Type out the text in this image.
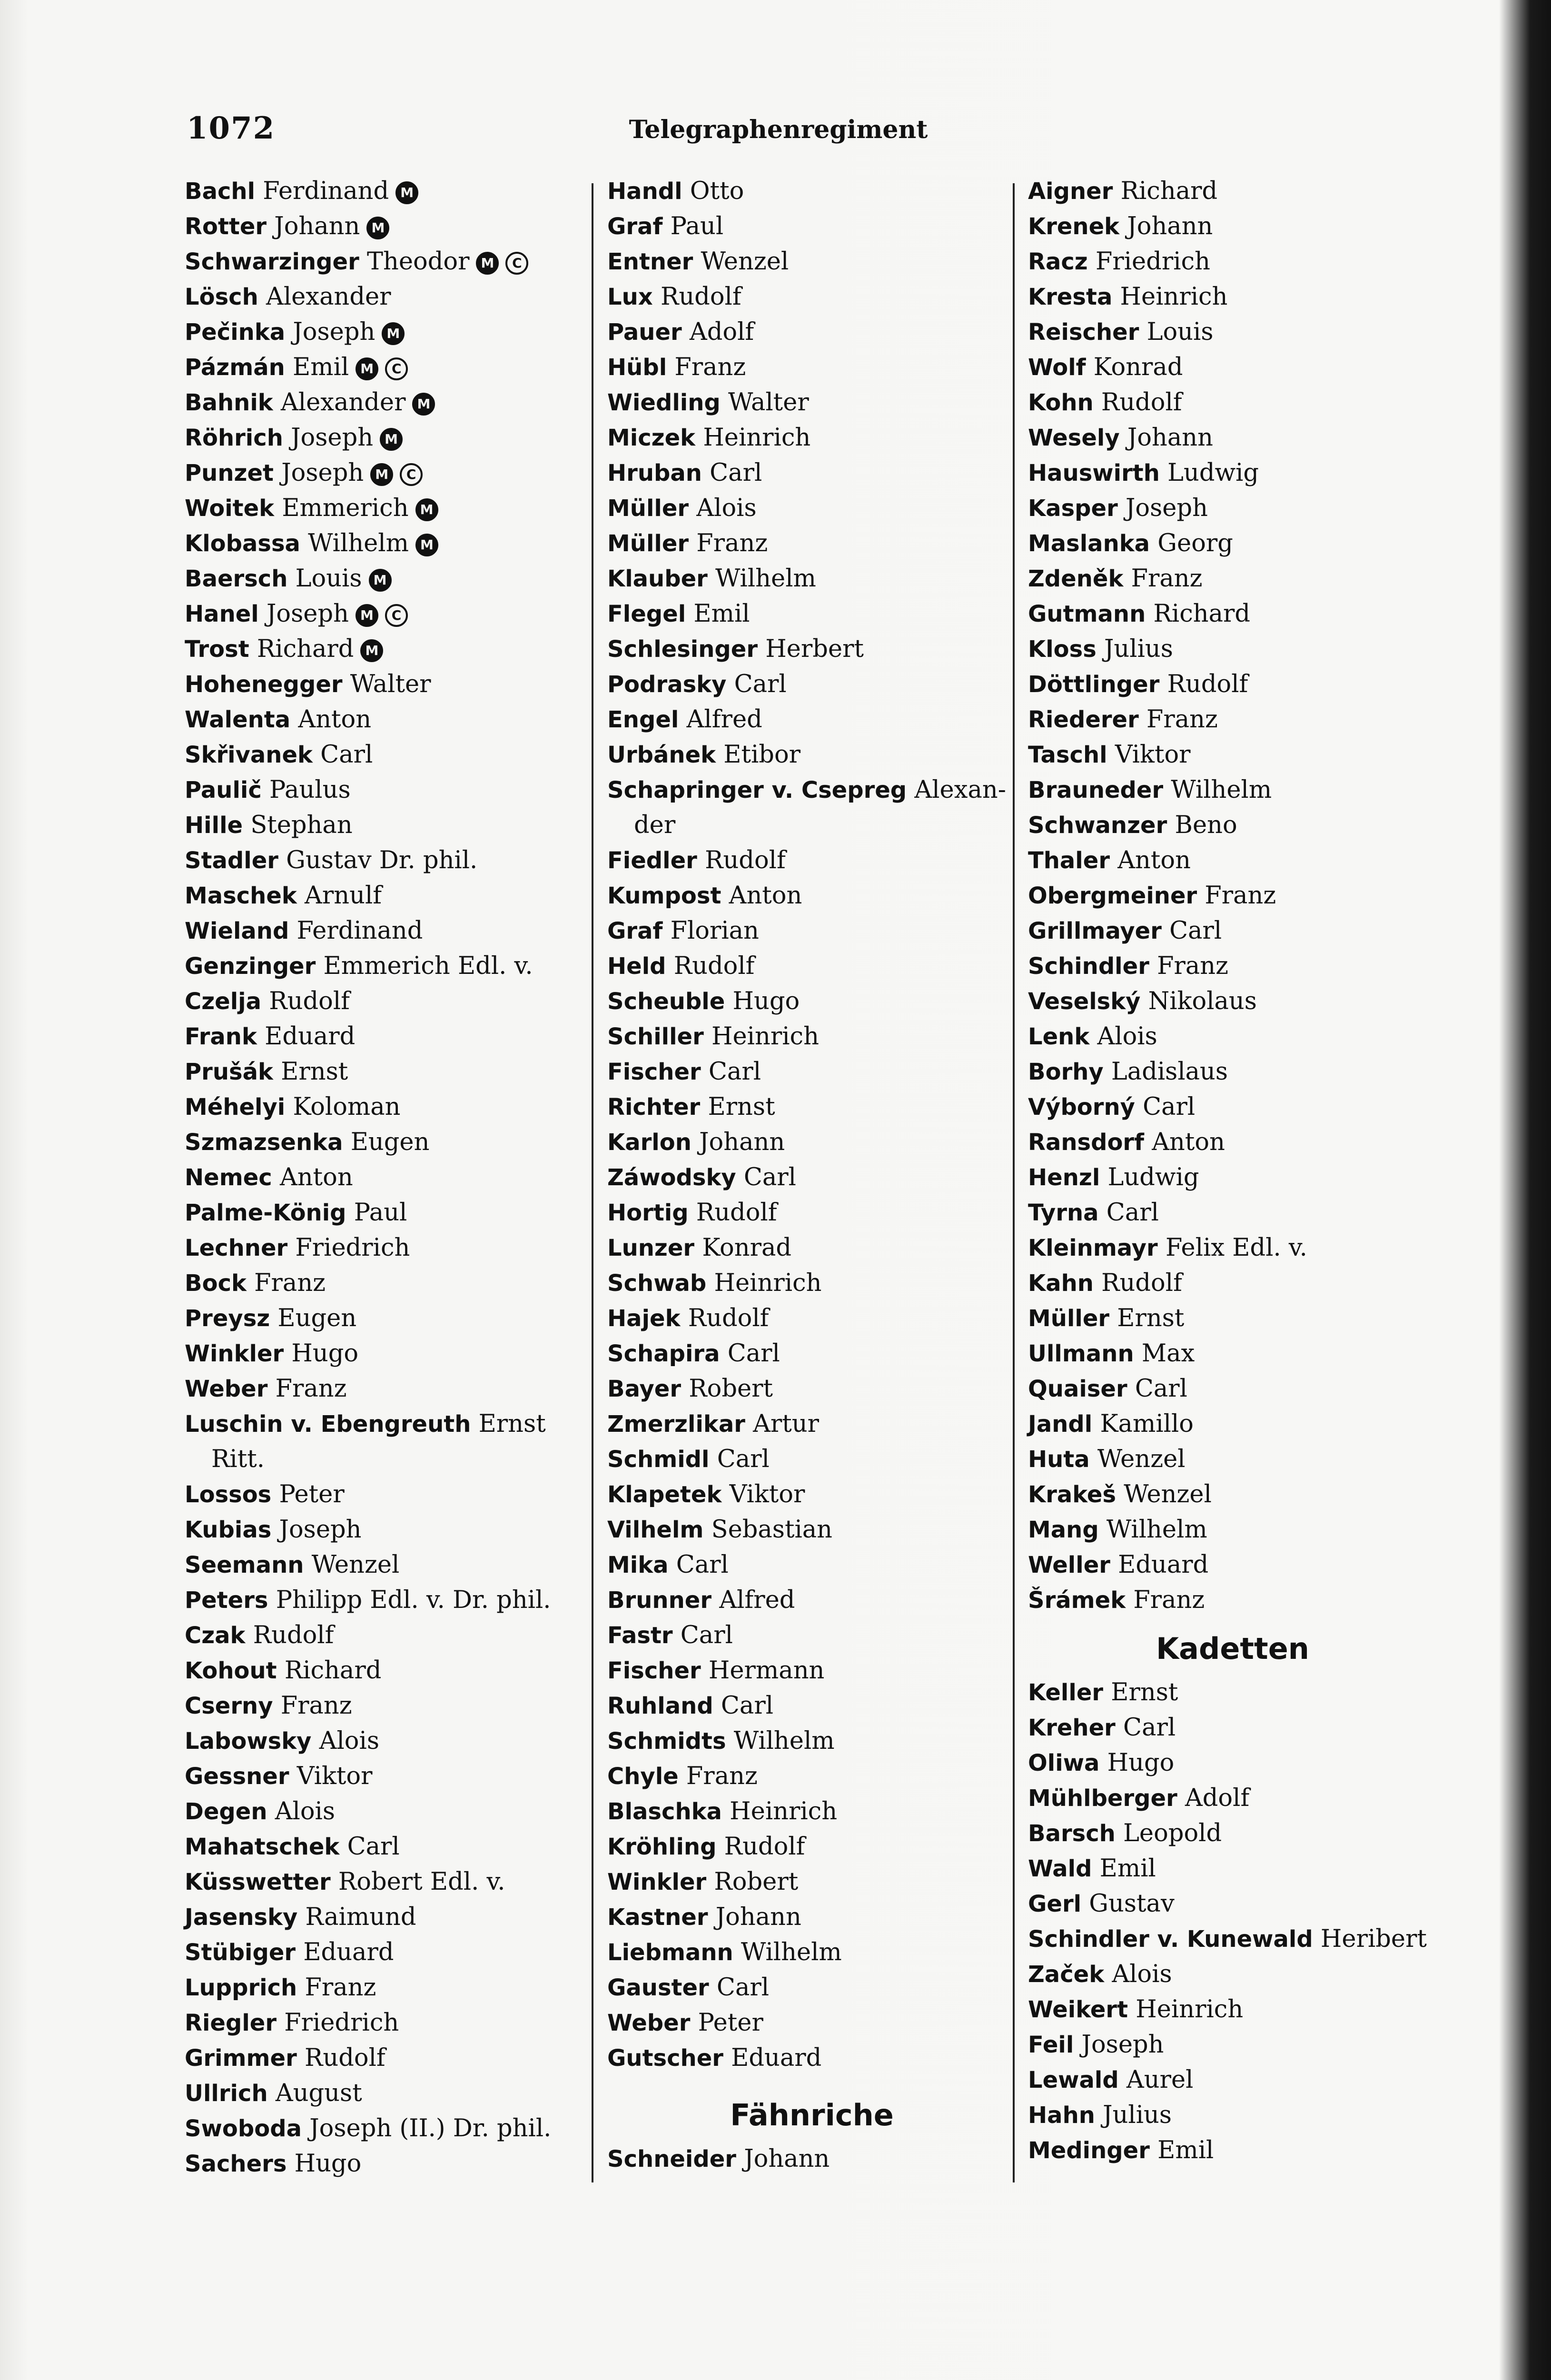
1072	Telegraphenregiment
Bachl Ferdinand M
Rotter Johann M
Schwarzinger Theodor M C
Lösch Alexander
Pečinka Joseph M
Pázmán Emil M C
Bahnik Alexander M
Röhrich Joseph M
Punzet Joseph M C
Woitek Emmerich M
Klobassa Wilhelm M
Baersch Louis M
Hanel Joseph M C
Trost Richard M
Hohenegger Walter
Walenta Anton
Skřivanek Carl
Paulič Paulus
Hille Stephan
Stadler Gustav Dr. phil.
Maschek Arnulf
Wieland Ferdinand
Genzinger Emmerich Edl. v.
Czelja Rudolf
Frank Eduard
Prušák Ernst
Méhelyi Koloman
Szmazsenka Eugen
Nemec Anton
Palme-König Paul
Lechner Friedrich
Bock Franz
Preysz Eugen
Winkler Hugo
Weber Franz
Luschin v. Ebengreuth Ernst
Ritt.
Lossos Peter
Kubias Joseph
Seemann Wenzel
Peters Philipp Edl. v. Dr. phil.
Czak Rudolf
Kohout Richard
Cserny Franz
Labowsky Alois
Gessner Viktor
Degen Alois
Mahatschek Carl
Küsswetter Robert Edl. v.
Jasensky Raimund
Stübiger Eduard
Lupprich Franz
Riegler Friedrich
Grimmer Rudolf
Ullrich August
Swoboda Joseph (II.) Dr. phil.
Sachers Hugo
Handl Otto
Graf Paul
Entner Wenzel
Lux Rudolf
Pauer Adolf
Hübl Franz
Wiedling Walter
Miczek Heinrich
Hruban Carl
Müller Alois
Müller Franz
Klauber Wilhelm
Flegel Emil
Schlesinger Herbert
Podrasky Carl
Engel Alfred
Urbánek Etibor
Schapringer v. Csepreg Alexan-
der
Fiedler Rudolf
Kumpost Anton
Graf Florian
Held Rudolf
Scheuble Hugo
Schiller Heinrich
Fischer Carl
Richter Ernst
Karlon Johann
Záwodsky Carl
Hortig Rudolf
Lunzer Konrad
Schwab Heinrich
Hajek Rudolf
Schapira Carl
Bayer Robert
Zmerzlikar Artur
Schmidl Carl
Klapetek Viktor
Vilhelm Sebastian
Mika Carl
Brunner Alfred
Fastr Carl
Fischer Hermann
Ruhland Carl
Schmidts Wilhelm
Chyle Franz
Blaschka Heinrich
Kröhling Rudolf
Winkler Robert
Kastner Johann
Liebmann Wilhelm
Gauster Carl
Weber Peter
Gutscher Eduard
Fähnriche
Schneider Johann
Aigner Richard
Krenek Johann
Racz Friedrich
Kresta Heinrich
Reischer Louis
Wolf Konrad
Kohn Rudolf
Wesely Johann
Hauswirth Ludwig
Kasper Joseph
Maslanka Georg
Zdeněk Franz
Gutmann Richard
Kloss Julius
Döttlinger Rudolf
Riederer Franz
Taschl Viktor
Brauneder Wilhelm
Schwanzer Beno
Thaler Anton
Obergmeiner Franz
Grillmayer Carl
Schindler Franz
Veselský Nikolaus
Lenk Alois
Borhy Ladislaus
Výborný Carl
Ransdorf Anton
Henzl Ludwig
Tyrna Carl
Kleinmayr Felix Edl. v.
Kahn Rudolf
Müller Ernst
Ullmann Max
Quaiser Carl
Jandl Kamillo
Huta Wenzel
Krakeš Wenzel
Mang Wilhelm
Weller Eduard
Šrámek Franz
Kadetten
Keller Ernst
Kreher Carl
Oliwa Hugo
Mühlberger Adolf
Barsch Leopold
Wald Emil
Gerl Gustav
Schindler v. Kunewald Heribert
Začek Alois
Weikert Heinrich
Feil Joseph
Lewald Aurel
Hahn Julius
Medinger Emil
